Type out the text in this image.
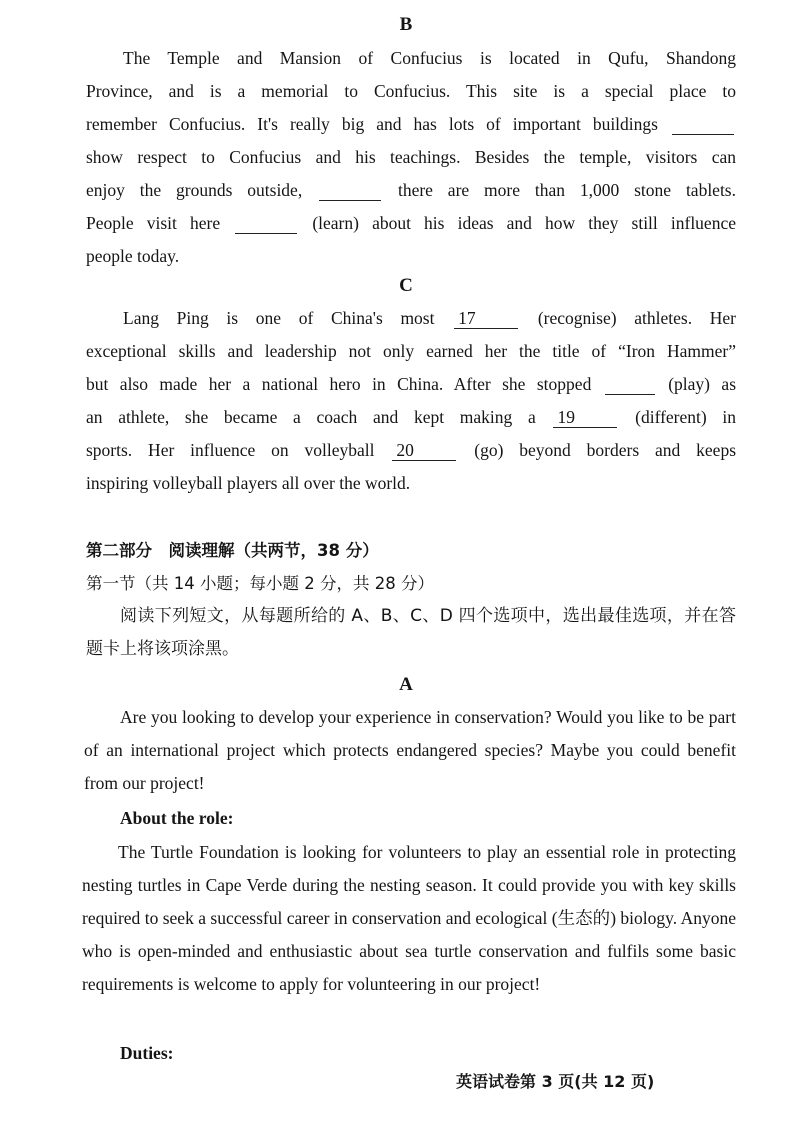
B
The Temple and Mansion of Confucius is located in Qufu, Shandong
Province, and is a memorial to Confucius. This site is a special place to
remember Confucius. It's really big and has lots of important buildings
show respect to Confucius and his teachings. Besides the temple, visitors can
enjoy the grounds outside,	there are more than 1,000 stone tablets.
People visit here	(learn) about his ideas and how they still influence
people today.
C
Lang Ping is one of China's most 17	(recognise) athletes. Her
exceptional skills and leadership not only earned her the title of “Iron Hammer”
but also made her a national hero in China. After she stopped	(play) as
an athlete, she became a coach and kept making a 19	(different) in
sports. Her influence on volleyball 20	(go) beyond borders and keeps
inspiring volleyball players all over the world.
第二部分　阅读理解（共两节，38 分）
第一节（共 14 小题；每小题 2 分，共 28 分）
阅读下列短文，从每题所给的 A、B、C、D 四个选项中，选出最佳选项，并在答题卡上将该项涂黑。
A
Are you looking to develop your experience in conservation? Would you like to be part of an international project which protects endangered species? Maybe you could benefit from our project!
About the role:
The Turtle Foundation is looking for volunteers to play an essential role in protecting nesting turtles in Cape Verde during the nesting season. It could provide you with key skills required to seek a successful career in conservation and ecological (生态的) biology. Anyone who is open-minded and enthusiastic about sea turtle conservation and fulfils some basic requirements is welcome to apply for volunteering in our project!
Duties:
英语试卷第 3 页(共 12 页)
